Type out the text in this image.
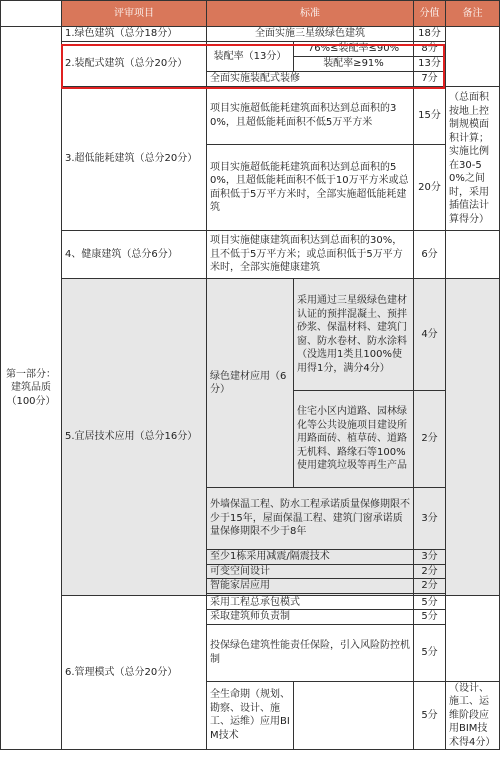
	评审项目	标准		分值	备注
第一部分：建筑品质（100分）	1.绿色建筑（总分18分）	全面实施三星级绿色建筑		18分	
	2.装配式建筑（总分20分）	装配率（13分）	76%≤装配率≤90%	8分	
			装配率≥91%	13分	
		全面实施装配式装修		7分	
	3.超低能耗建筑（总分20分）	项目实施超低能耗建筑面积达到总面积的30%，且超低能耗面积不低5万平方米		15分	（总面积按地上控制规模面积计算；实施比例在30-50%之间时，采用插值法计算得分）
		项目实施超低能耗建筑面积达到总面积的50%，且超低能耗面积不低于10万平方米或总面积低于5万平方米时，全部实施超低能耗建筑		20分	
	4、健康建筑（总分6分）	项目实施健康建筑面积达到总面积的30%，且不低于5万平方米；或总面积低于5万平方米时，全部实施健康建筑		6分	
	5.宜居技术应用（总分16分）	绿色建材应用（6分）	采用通过三星级绿色建材认证的预拌混凝土、预拌砂浆、保温材料、建筑门窗、防水卷材、防水涂料（没选用1类且100%使用得1分，满分4分）	4分	
			住宅小区内道路、园林绿化等公共设施项目建设所用路面砖、植草砖、道路无机料、路缘石等100%使用建筑垃圾等再生产品	2分	
		外墙保温工程、防水工程承诺质量保修期限不少于15年，屋面保温工程、建筑门窗承诺质量保修期限不少于8年		3分	
		至少1栋采用减震/隔震技术		3分	
		可变空间设计		2分	
		智能家居应用		2分	

	6.管理模式（总分20分）	采用工程总承包模式		5分	
		采取建筑师负责制		5分	
		投保绿色建筑性能责任保险，引入风险防控机制		5分	
		全生命期（规划、勘察、设计、施工、运维）应用BIM技术		5分	（设计、施工、运维阶段应用BIM技术得4分）
